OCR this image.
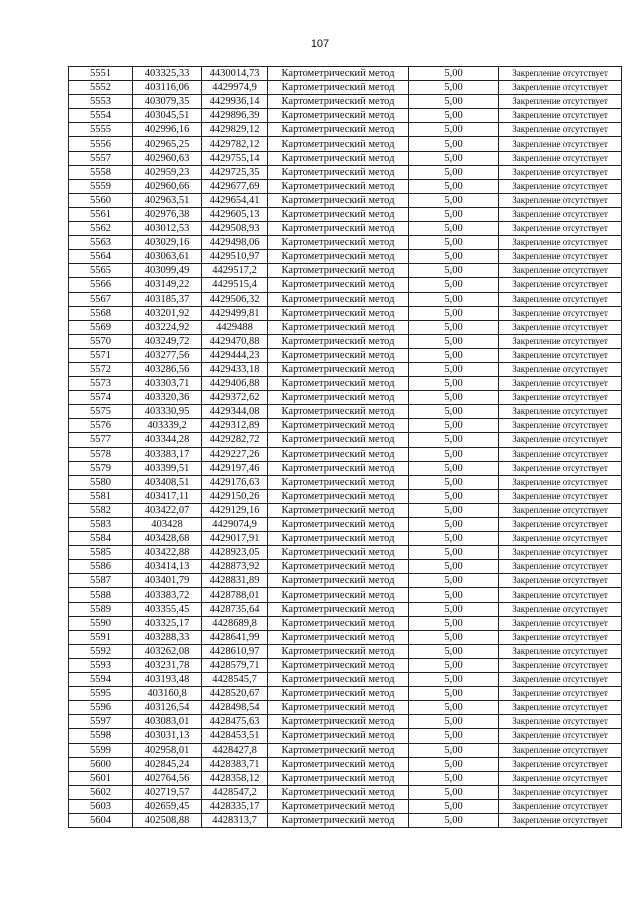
107
5551	403325,33	4430014,73	Картометрический метод	5,00	Закрепление отсутствует
5552	403116,06	4429974,9	Картометрический метод	5,00	Закрепление отсутствует
5553	403079,35	4429936,14	Картометрический метод	5,00	Закрепление отсутствует
5554	403045,51	4429896,39	Картометрический метод	5,00	Закрепление отсутствует
5555	402996,16	4429829,12	Картометрический метод	5,00	Закрепление отсутствует
5556	402965,25	4429782,12	Картометрический метод	5,00	Закрепление отсутствует
5557	402960,63	4429755,14	Картометрический метод	5,00	Закрепление отсутствует
5558	402959,23	4429725,35	Картометрический метод	5,00	Закрепление отсутствует
5559	402960,66	4429677,69	Картометрический метод	5,00	Закрепление отсутствует
5560	402963,51	4429654,41	Картометрический метод	5,00	Закрепление отсутствует
5561	402976,38	4429605,13	Картометрический метод	5,00	Закрепление отсутствует
5562	403012,53	4429508,93	Картометрический метод	5,00	Закрепление отсутствует
5563	403029,16	4429498,06	Картометрический метод	5,00	Закрепление отсутствует
5564	403063,61	4429510,97	Картометрический метод	5,00	Закрепление отсутствует
5565	403099,49	4429517,2	Картометрический метод	5,00	Закрепление отсутствует
5566	403149,22	4429515,4	Картометрический метод	5,00	Закрепление отсутствует
5567	403185,37	4429506,32	Картометрический метод	5,00	Закрепление отсутствует
5568	403201,92	4429499,81	Картометрический метод	5,00	Закрепление отсутствует
5569	403224,92	4429488	Картометрический метод	5,00	Закрепление отсутствует
5570	403249,72	4429470,88	Картометрический метод	5,00	Закрепление отсутствует
5571	403277,56	4429444,23	Картометрический метод	5,00	Закрепление отсутствует
5572	403286,56	4429433,18	Картометрический метод	5,00	Закрепление отсутствует
5573	403303,71	4429406,88	Картометрический метод	5,00	Закрепление отсутствует
5574	403320,36	4429372,62	Картометрический метод	5,00	Закрепление отсутствует
5575	403330,95	4429344,08	Картометрический метод	5,00	Закрепление отсутствует
5576	403339,2	4429312,89	Картометрический метод	5,00	Закрепление отсутствует
5577	403344,28	4429282,72	Картометрический метод	5,00	Закрепление отсутствует
5578	403383,17	4429227,26	Картометрический метод	5,00	Закрепление отсутствует
5579	403399,51	4429197,46	Картометрический метод	5,00	Закрепление отсутствует
5580	403408,51	4429176,63	Картометрический метод	5,00	Закрепление отсутствует
5581	403417,11	4429150,26	Картометрический метод	5,00	Закрепление отсутствует
5582	403422,07	4429129,16	Картометрический метод	5,00	Закрепление отсутствует
5583	403428	4429074,9	Картометрический метод	5,00	Закрепление отсутствует
5584	403428,68	4429017,91	Картометрический метод	5,00	Закрепление отсутствует
5585	403422,88	4428923,05	Картометрический метод	5,00	Закрепление отсутствует
5586	403414,13	4428873,92	Картометрический метод	5,00	Закрепление отсутствует
5587	403401,79	4428831,89	Картометрический метод	5,00	Закрепление отсутствует
5588	403383,72	4428788,01	Картометрический метод	5,00	Закрепление отсутствует
5589	403355,45	4428735,64	Картометрический метод	5,00	Закрепление отсутствует
5590	403325,17	4428689,8	Картометрический метод	5,00	Закрепление отсутствует
5591	403288,33	4428641,99	Картометрический метод	5,00	Закрепление отсутствует
5592	403262,08	4428610,97	Картометрический метод	5,00	Закрепление отсутствует
5593	403231,78	4428579,71	Картометрический метод	5,00	Закрепление отсутствует
5594	403193,48	4428545,7	Картометрический метод	5,00	Закрепление отсутствует
5595	403160,8	4428520,67	Картометрический метод	5,00	Закрепление отсутствует
5596	403126,54	4428498,54	Картометрический метод	5,00	Закрепление отсутствует
5597	403083,01	4428475,63	Картометрический метод	5,00	Закрепление отсутствует
5598	403031,13	4428453,51	Картометрический метод	5,00	Закрепление отсутствует
5599	402958,01	4428427,8	Картометрический метод	5,00	Закрепление отсутствует
5600	402845,24	4428383,71	Картометрический метод	5,00	Закрепление отсутствует
5601	402764,56	4428358,12	Картометрический метод	5,00	Закрепление отсутствует
5602	402719,57	4428547,2	Картометрический метод	5,00	Закрепление отсутствует
5603	402659,45	4428335,17	Картометрический метод	5,00	Закрепление отсутствует
5604	402508,88	4428313,7	Картометрический метод	5,00	Закрепление отсутствует
